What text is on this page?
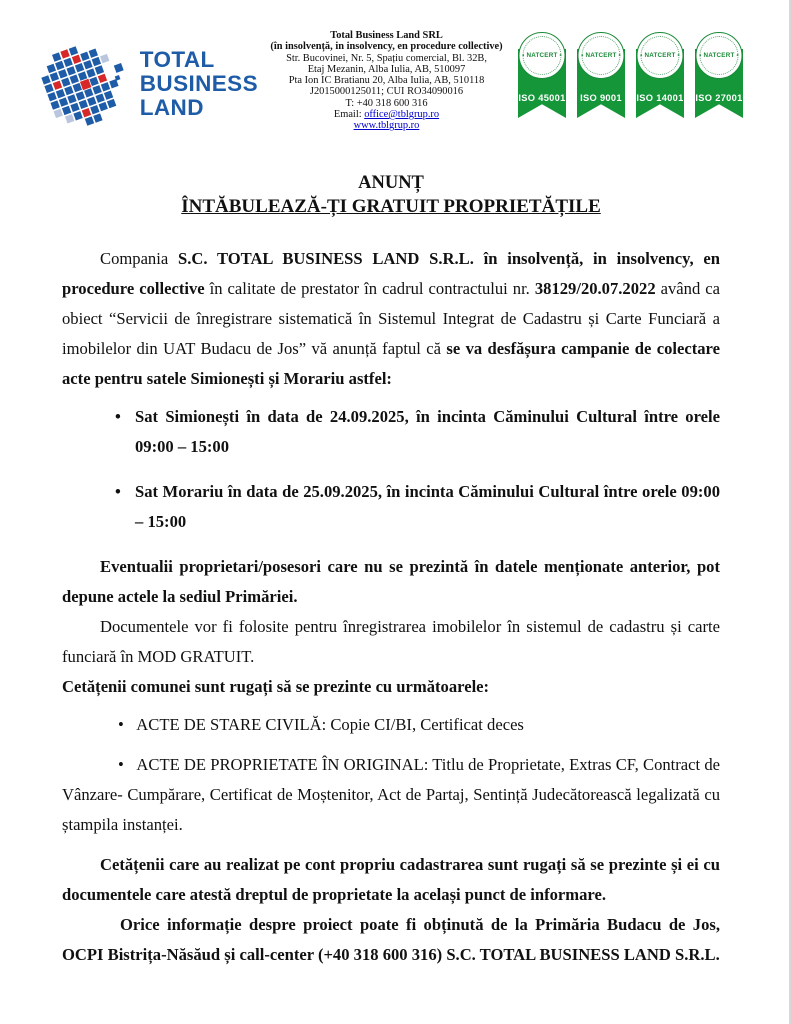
TOTAL
BUSINESS
LAND
Total Business Land SRL
(în insolvență, in insolvency, en procedure collective)
Str. Bucovinei, Nr. 5, Spațiu comercial, Bl. 32B,
Etaj Mezanin, Alba Iulia, AB, 510097
Pta Ion IC Bratianu 20, Alba Iulia, AB, 510118
J2015000125011; CUI RO34090016
T: +40 318 600 316
Email: office@tblgrup.ro
www.tblgrup.ro
ISO 45001
• NATCERT •
ISO 9001
• NATCERT •
ISO 14001
• NATCERT •
ISO 27001
• NATCERT •
ANUNȚ
ÎNTĂBULEAZĂ-ȚI GRATUIT PROPRIETĂȚILE

Compania S.C. TOTAL BUSINESS LAND S.R.L. în insolvență, in insolvency, en procedure collective în calitate de prestator în cadrul contractului nr. 38129/20.07.2022 având ca obiect “Servicii de înregistrare sistematică în Sistemul Integrat de Cadastru și Carte Funciară a imobilelor din UAT Budacu de Jos” vă anunță faptul că se va desfășura campanie de colectare acte pentru satele Simionești și Morariu astfel:

•
Sat Simionești în data de 24.09.2025, în incinta Căminului Cultural între orele 09:00 – 15:00
•
Sat Morariu în data de 25.09.2025, în incinta Căminului Cultural între orele 09:00 – 15:00

Eventualii proprietari/posesori care nu se prezintă în datele menționate anterior, pot depune actele la sediul Primăriei.

Documentele vor fi folosite pentru înregistrarea imobilelor în sistemul de cadastru și carte funciară în MOD GRATUIT.

Cetățenii comunei sunt rugați să se prezinte cu următoarele:

• ACTE DE STARE CIVILĂ: Copie CI/BI, Certificat deces

• ACTE DE PROPRIETATE ÎN ORIGINAL: Titlu de Proprietate, Extras CF, Contract de Vânzare- Cumpărare, Certificat de Moștenitor, Act de Partaj, Sentință Judecătorească legalizată cu ștampila instanței.

Cetățenii care au realizat pe cont propriu cadastrarea sunt rugați să se prezinte și ei cu documentele care atestă dreptul de proprietate la același punct de informare.

Orice informație despre proiect poate fi obținută de la Primăria Budacu de Jos, OCPI Bistrița-Năsăud și call-center (+40 318 600 316) S.C. TOTAL BUSINESS LAND S.R.L.
